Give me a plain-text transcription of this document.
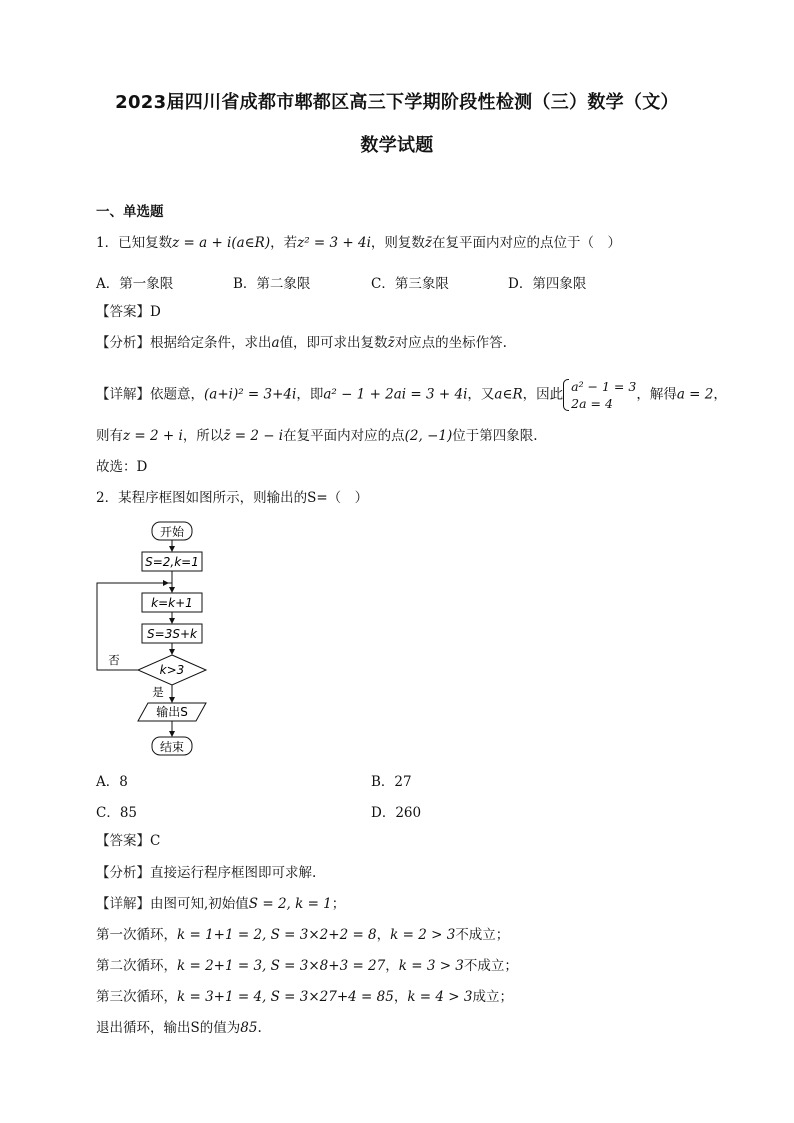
2023届四川省成都市郫都区高三下学期阶段性检测（三）数学（文）
数学试题
一、单选题
1．已知复数z = a + i(a∈R)，若z² = 3 + 4i，则复数z̄在复平面内对应的点位于（　）
A．第一象限	B．第二象限	C．第三象限	D．第四象限
【答案】D
【分析】根据给定条件，求出a值，即可求出复数z̄对应点的坐标作答.
【详解】依题意，(a+i)² = 3+4i，即a² − 1 + 2ai = 3 + 4i，又a∈R，因此 a² − 1 = 3
2a = 4，解得a = 2，
则有z = 2 + i，所以z̄ = 2 − i在复平面内对应的点(2, −1)位于第四象限.
故选：D
2．某程序框图如图所示，则输出的S=（　）
开始
S=2,k=1
k=k+1
S=3S+k
k>3
否
是
输出S
结束
A．8	B．27
C．85	D．260
【答案】C
【分析】直接运行程序框图即可求解.
【详解】由图可知,初始值S = 2, k = 1；
第一次循环，k = 1+1 = 2, S = 3×2+2 = 8，k = 2 > 3不成立；
第二次循环，k = 2+1 = 3, S = 3×8+3 = 27，k = 3 > 3不成立；
第三次循环，k = 3+1 = 4, S = 3×27+4 = 85，k = 4 > 3成立；
退出循环，输出S的值为85.
